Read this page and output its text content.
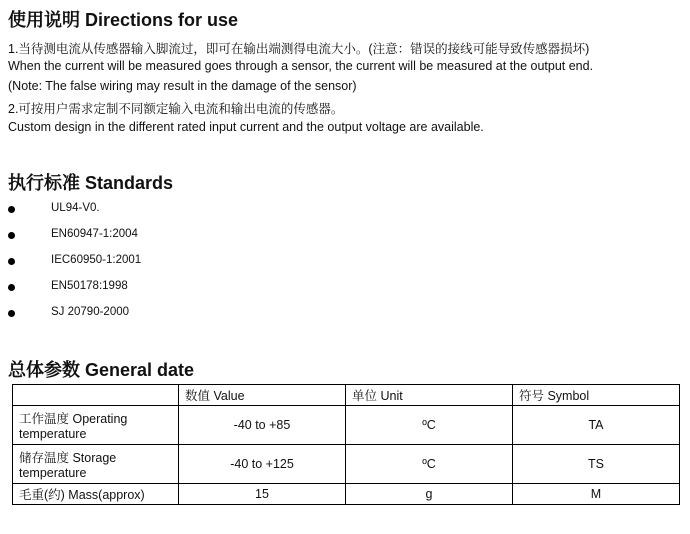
使用说明 Directions for use
1.当待测电流从传感器输入脚流过，即可在输出端测得电流大小。(注意：错误的接线可能导致传感器损坏)
When the current will be measured goes through a sensor, the current will be measured at the output end.
(Note: The false wiring may result in the damage of the sensor)
2.可按用户需求定制不同额定输入电流和输出电流的传感器。
Custom design in the different rated input current and the output voltage are available.
执行标准 Standards
UL94-V0.
EN60947-1:2004
IEC60950-1:2001
EN50178:1998
SJ 20790-2000
总体参数 General date
	数值 Value	单位 Unit	符号 Symbol
工作温度 Operating temperature	-40 to +85	ºC	TA
储存温度 Storage temperature	-40 to +125	ºC	TS
毛重(约) Mass(approx)	15	g	M
